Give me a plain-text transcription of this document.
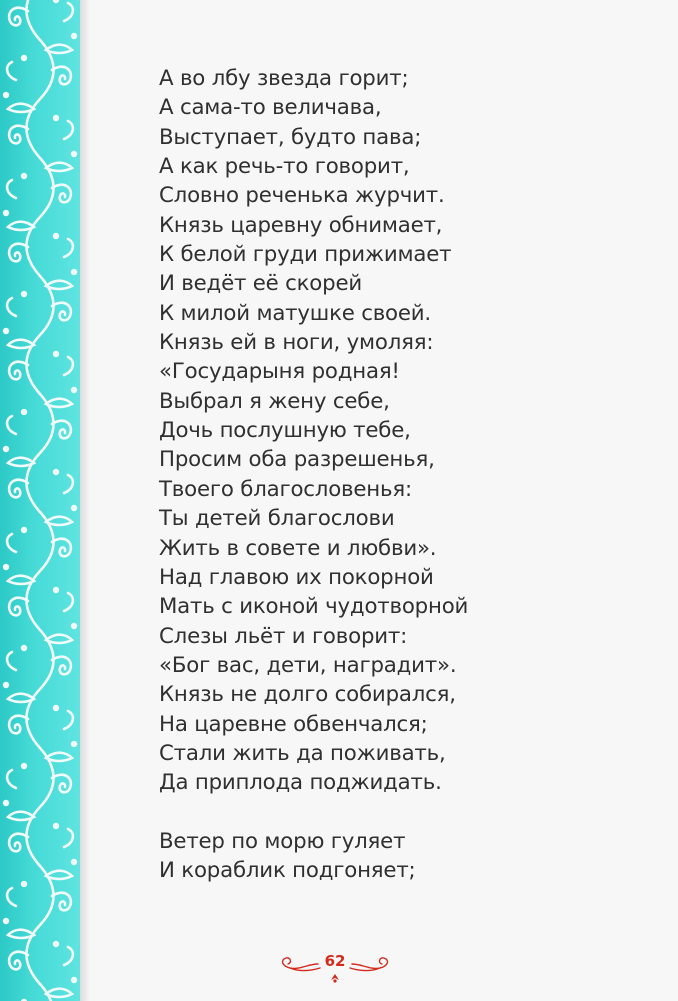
А во лбу звезда горит;
А сама-то величава,
Выступает, будто пава;
А как речь-то говорит,
Словно реченька журчит.
Князь царевну обнимает,
К белой груди прижимает
И ведёт её скорей
К милой матушке своей.
Князь ей в ноги, умоляя:
«Государыня родная!
Выбрал я жену себе,
Дочь послушную тебе,
Просим оба разрешенья,
Твоего благословенья:
Ты детей благослови
Жить в совете и любви».
Над главою их покорной
Мать с иконой чудотворной
Слезы льёт и говорит:
«Бог вас, дети, наградит».
Князь не долго собирался,
На царевне обвенчался;
Стали жить да поживать,
Да приплода поджидать.
Ветер по морю гуляет
И кораблик подгоняет;
62
